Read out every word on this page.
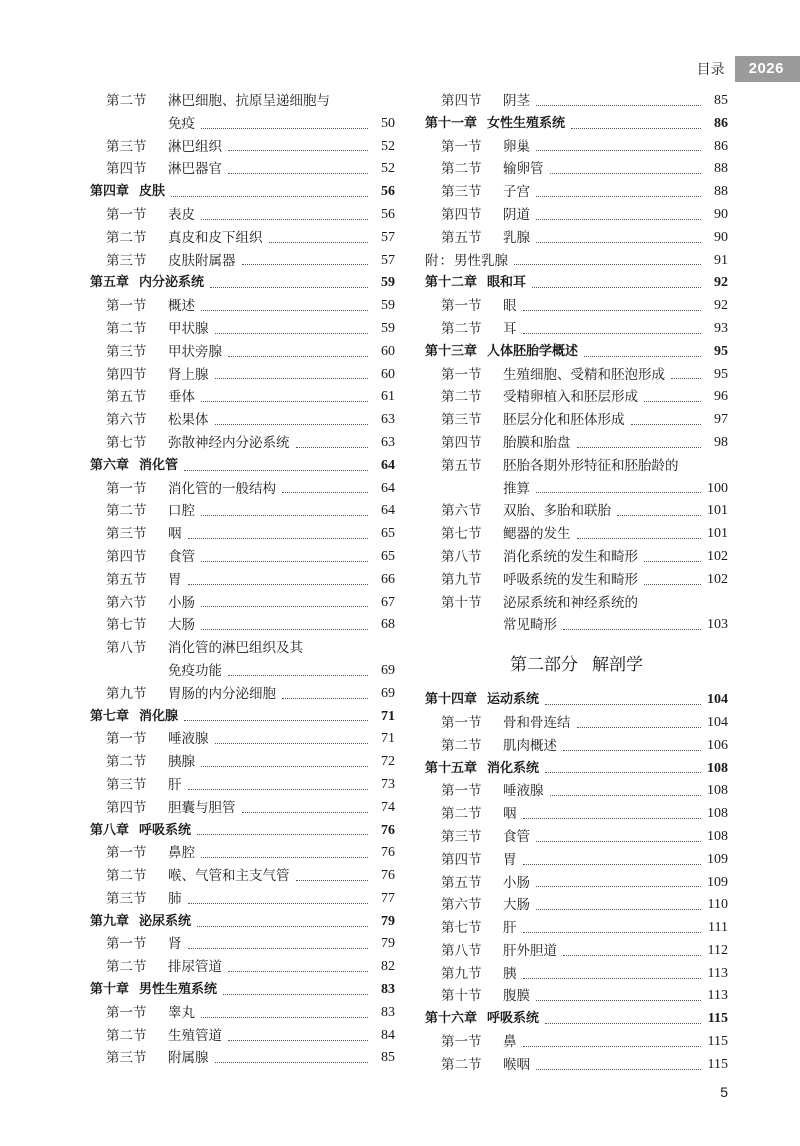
目录	2026
第二节	淋巴细胞、抗原呈递细胞与
免疫	50
第三节	淋巴组织	52
第四节	淋巴器官	52
第四章 皮肤	56
第一节	表皮	56
第二节	真皮和皮下组织	57
第三节	皮肤附属器	57
第五章 内分泌系统	59
第一节	概述	59
第二节	甲状腺	59
第三节	甲状旁腺	60
第四节	肾上腺	60
第五节	垂体	61
第六节	松果体	63
第七节	弥散神经内分泌系统	63
第六章 消化管	64
第一节	消化管的一般结构	64
第二节	口腔	64
第三节	咽	65
第四节	食管	65
第五节	胃	66
第六节	小肠	67
第七节	大肠	68
第八节	消化管的淋巴组织及其
免疫功能	69
第九节	胃肠的内分泌细胞	69
第七章 消化腺	71
第一节	唾液腺	71
第二节	胰腺	72
第三节	肝	73
第四节	胆囊与胆管	74
第八章 呼吸系统	76
第一节	鼻腔	76
第二节	喉、气管和主支气管	76
第三节	肺	77
第九章 泌尿系统	79
第一节	肾	79
第二节	排尿管道	82
第十章 男性生殖系统	83
第一节	睾丸	83
第二节	生殖管道	84
第三节	附属腺	85
第四节	阴茎	85
第十一章 女性生殖系统	86
第一节	卵巢	86
第二节	输卵管	88
第三节	子宫	88
第四节	阴道	90
第五节	乳腺	90
附： 男性乳腺	91
第十二章 眼和耳	92
第一节	眼	92
第二节	耳	93
第十三章 人体胚胎学概述	95
第一节	生殖细胞、受精和胚泡形成	95
第二节	受精卵植入和胚层形成	96
第三节	胚层分化和胚体形成	97
第四节	胎膜和胎盘	98
第五节	胚胎各期外形特征和胚胎龄的
推算	100
第六节	双胎、多胎和联胎	101
第七节	鳃器的发生	101
第八节	消化系统的发生和畸形	102
第九节	呼吸系统的发生和畸形	102
第十节	泌尿系统和神经系统的
常见畸形	103
第二部分 解剖学
第十四章 运动系统	104
第一节	骨和骨连结	104
第二节	肌肉概述	106
第十五章 消化系统	108
第一节	唾液腺	108
第二节	咽	108
第三节	食管	108
第四节	胃	109
第五节	小肠	109
第六节	大肠	110
第七节	肝	111
第八节	肝外胆道	112
第九节	胰	113
第十节	腹膜	113
第十六章 呼吸系统	115
第一节	鼻	115
第二节	喉咽	115
5
